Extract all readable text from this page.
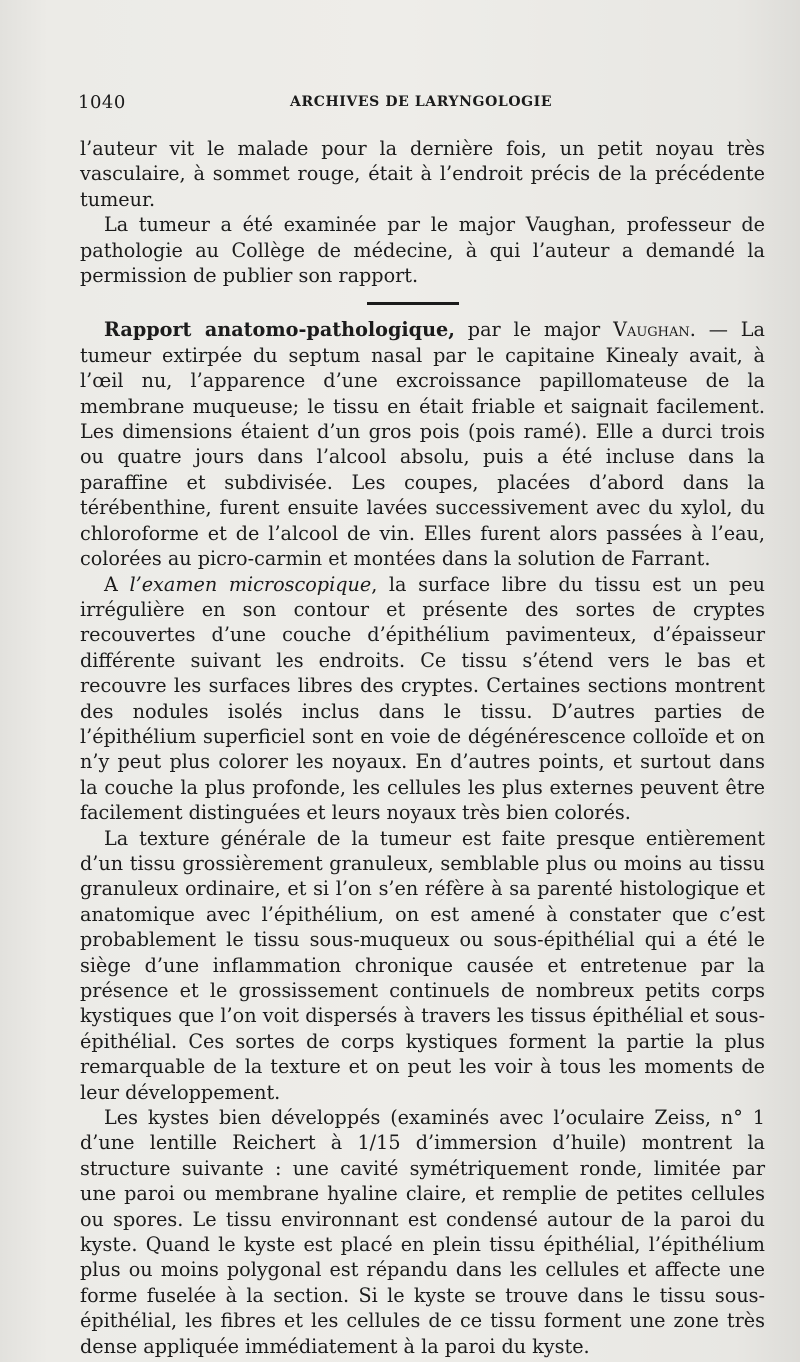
1040	ARCHIVES DE LARYNGOLOGIE

l’auteur vit le malade pour la dernière fois, un petit noyau très vasculaire, à sommet rouge, était à l’endroit précis de la précédente tumeur.

La tumeur a été examinée par le major Vaughan, professeur de pathologie au Collège de médecine, à qui l’auteur a demandé la permission de publier son rapport.

Rapport anatomo-pathologique, par le major Vaughan. — La tumeur extirpée du septum nasal par le capitaine Kinealy avait, à l’œil nu, l’apparence d’une excroissance papillomateuse de la membrane muqueuse; le tissu en était friable et saignait facilement. Les dimensions étaient d’un gros pois (pois ramé). Elle a durci trois ou quatre jours dans l’alcool absolu, puis a été incluse dans la paraffine et subdivisée. Les coupes, placées d’abord dans la térébenthine, furent ensuite lavées successivement avec du xylol, du chloroforme et de l’alcool de vin. Elles furent alors passées à l’eau, colorées au picro-carmin et montées dans la solution de Farrant.

A l’examen microscopique, la surface libre du tissu est un peu irrégulière en son contour et présente des sortes de cryptes recouvertes d’une couche d’épithélium pavimenteux, d’épaisseur différente suivant les endroits. Ce tissu s’étend vers le bas et recouvre les surfaces libres des cryptes. Certaines sections montrent des nodules isolés inclus dans le tissu. D’autres parties de l’épithélium superficiel sont en voie de dégénérescence colloïde et on n’y peut plus colorer les noyaux. En d’autres points, et surtout dans la couche la plus profonde, les cellules les plus externes peuvent être facilement distinguées et leurs noyaux très bien colorés.

La texture générale de la tumeur est faite presque entièrement d’un tissu grossièrement granuleux, semblable plus ou moins au tissu granuleux ordinaire, et si l’on s’en réfère à sa parenté histologique et anatomique avec l’épithélium, on est amené à constater que c’est probablement le tissu sous-muqueux ou sous-épithélial qui a été le siège d’une inflammation chronique causée et entretenue par la présence et le grossissement continuels de nombreux petits corps kystiques que l’on voit dispersés à travers les tissus épithélial et sous-épithélial. Ces sortes de corps kystiques forment la partie la plus remarquable de la texture et on peut les voir à tous les moments de leur développement.

Les kystes bien développés (examinés avec l’oculaire Zeiss, n° 1 d’une lentille Reichert à 1/15 d’immersion d’huile) montrent la structure suivante : une cavité symétriquement ronde, limitée par une paroi ou membrane hyaline claire, et remplie de petites cellules ou spores. Le tissu environnant est condensé autour de la paroi du kyste. Quand le kyste est placé en plein tissu épithélial, l’épithélium plus ou moins polygonal est répandu dans les cellules et affecte une forme fuselée à la section. Si le kyste se trouve dans le tissu sous-épithélial, les fibres et les cellules de ce tissu forment une zone très dense appliquée immédiatement à la paroi du kyste.
